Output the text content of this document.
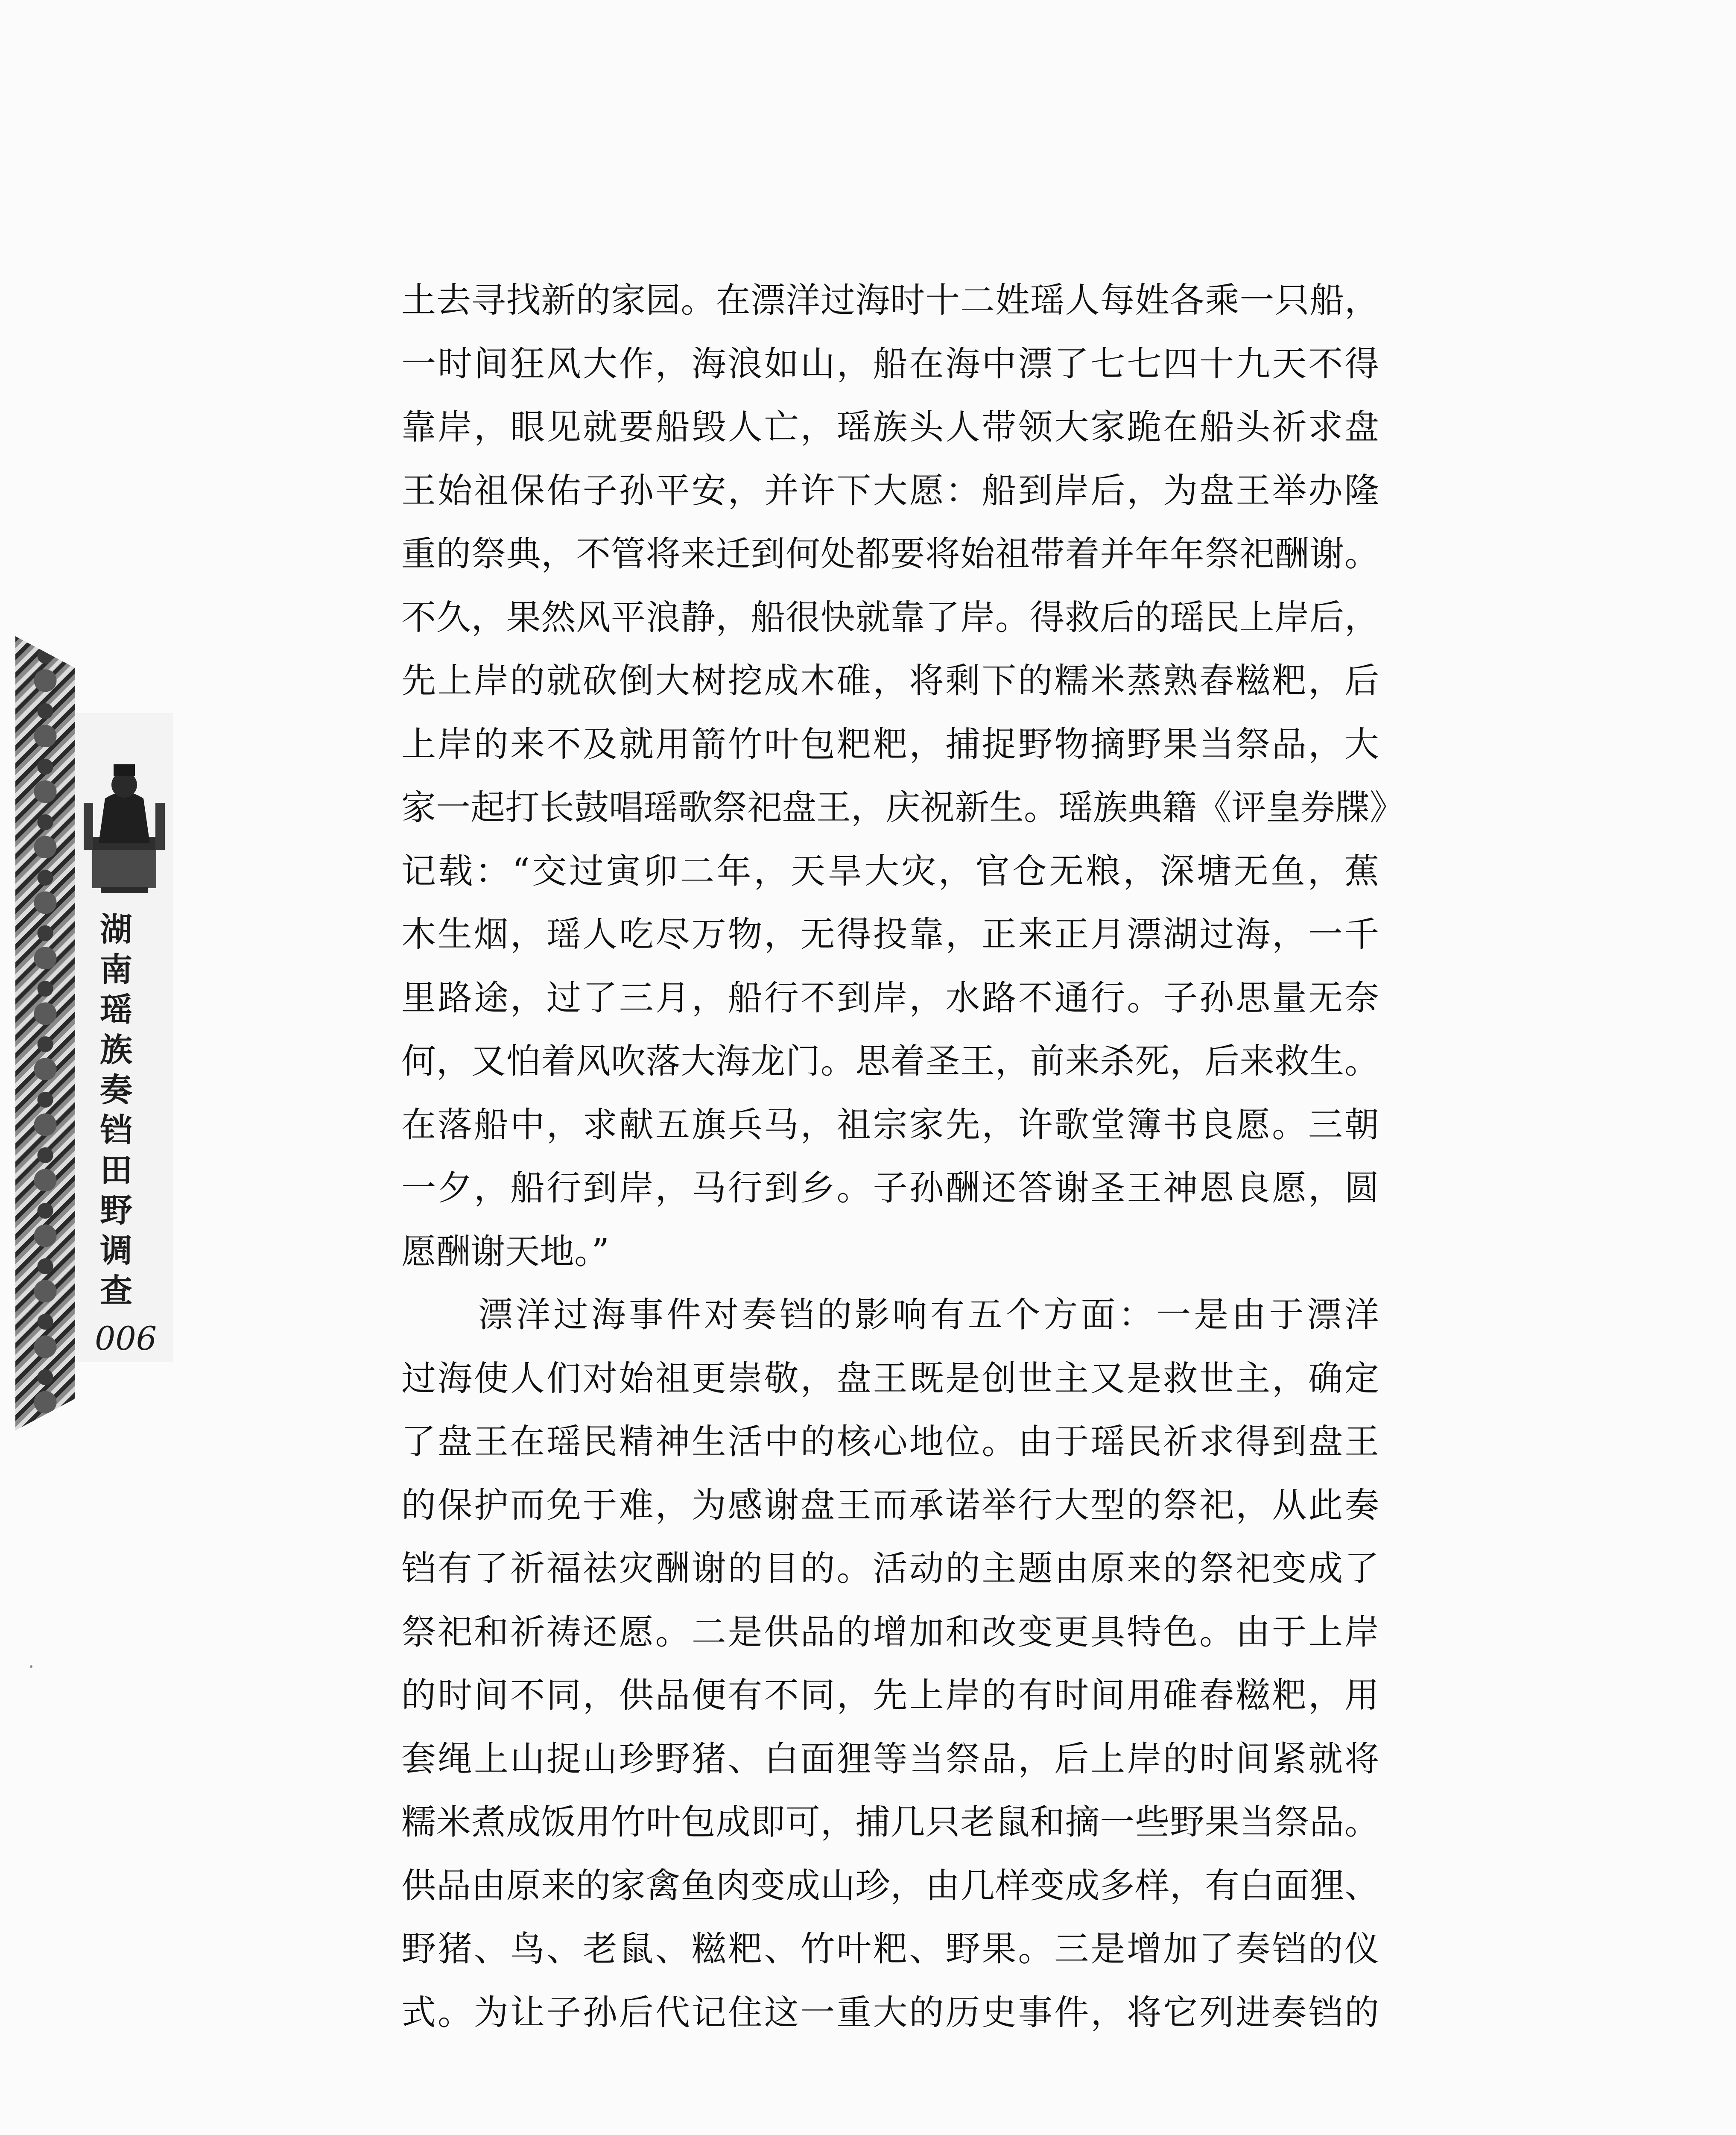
湖
南
瑶
族
奏
铛
田
野
调
查
006
土去寻找新的家园。在漂洋过海时十二姓瑶人每姓各乘一只船，
一时间狂风大作，海浪如山，船在海中漂了七七四十九天不得
靠岸，眼见就要船毁人亡，瑶族头人带领大家跪在船头祈求盘
王始祖保佑子孙平安，并许下大愿：船到岸后，为盘王举办隆
重的祭典，不管将来迁到何处都要将始祖带着并年年祭祀酬谢。
不久，果然风平浪静，船很快就靠了岸。得救后的瑶民上岸后，
先上岸的就砍倒大树挖成木碓，将剩下的糯米蒸熟舂糍粑，后
上岸的来不及就用箭竹叶包粑粑，捕捉野物摘野果当祭品，大
家一起打长鼓唱瑶歌祭祀盘王，庆祝新生。瑶族典籍《评皇券牒》
记载：“交过寅卯二年，天旱大灾，官仓无粮，深塘无鱼，蕉
木生烟，瑶人吃尽万物，无得投靠，正来正月漂湖过海，一千
里路途，过了三月，船行不到岸，水路不通行。子孙思量无奈
何，又怕着风吹落大海龙门。思着圣王，前来杀死，后来救生。
在落船中，求献五旗兵马，祖宗家先，许歌堂簿书良愿。三朝
一夕，船行到岸，马行到乡。子孙酬还答谢圣王神恩良愿，圆
愿酬谢天地。”
漂洋过海事件对奏铛的影响有五个方面：一是由于漂洋
过海使人们对始祖更崇敬，盘王既是创世主又是救世主，确定
了盘王在瑶民精神生活中的核心地位。由于瑶民祈求得到盘王
的保护而免于难，为感谢盘王而承诺举行大型的祭祀，从此奏
铛有了祈福祛灾酬谢的目的。活动的主题由原来的祭祀变成了
祭祀和祈祷还愿。二是供品的增加和改变更具特色。由于上岸
的时间不同，供品便有不同，先上岸的有时间用碓舂糍粑，用
套绳上山捉山珍野猪、白面狸等当祭品，后上岸的时间紧就将
糯米煮成饭用竹叶包成即可，捕几只老鼠和摘一些野果当祭品。
供品由原来的家禽鱼肉变成山珍，由几样变成多样，有白面狸、
野猪、鸟、老鼠、糍粑、竹叶粑、野果。三是增加了奏铛的仪
式。为让子孙后代记住这一重大的历史事件，将它列进奏铛的
